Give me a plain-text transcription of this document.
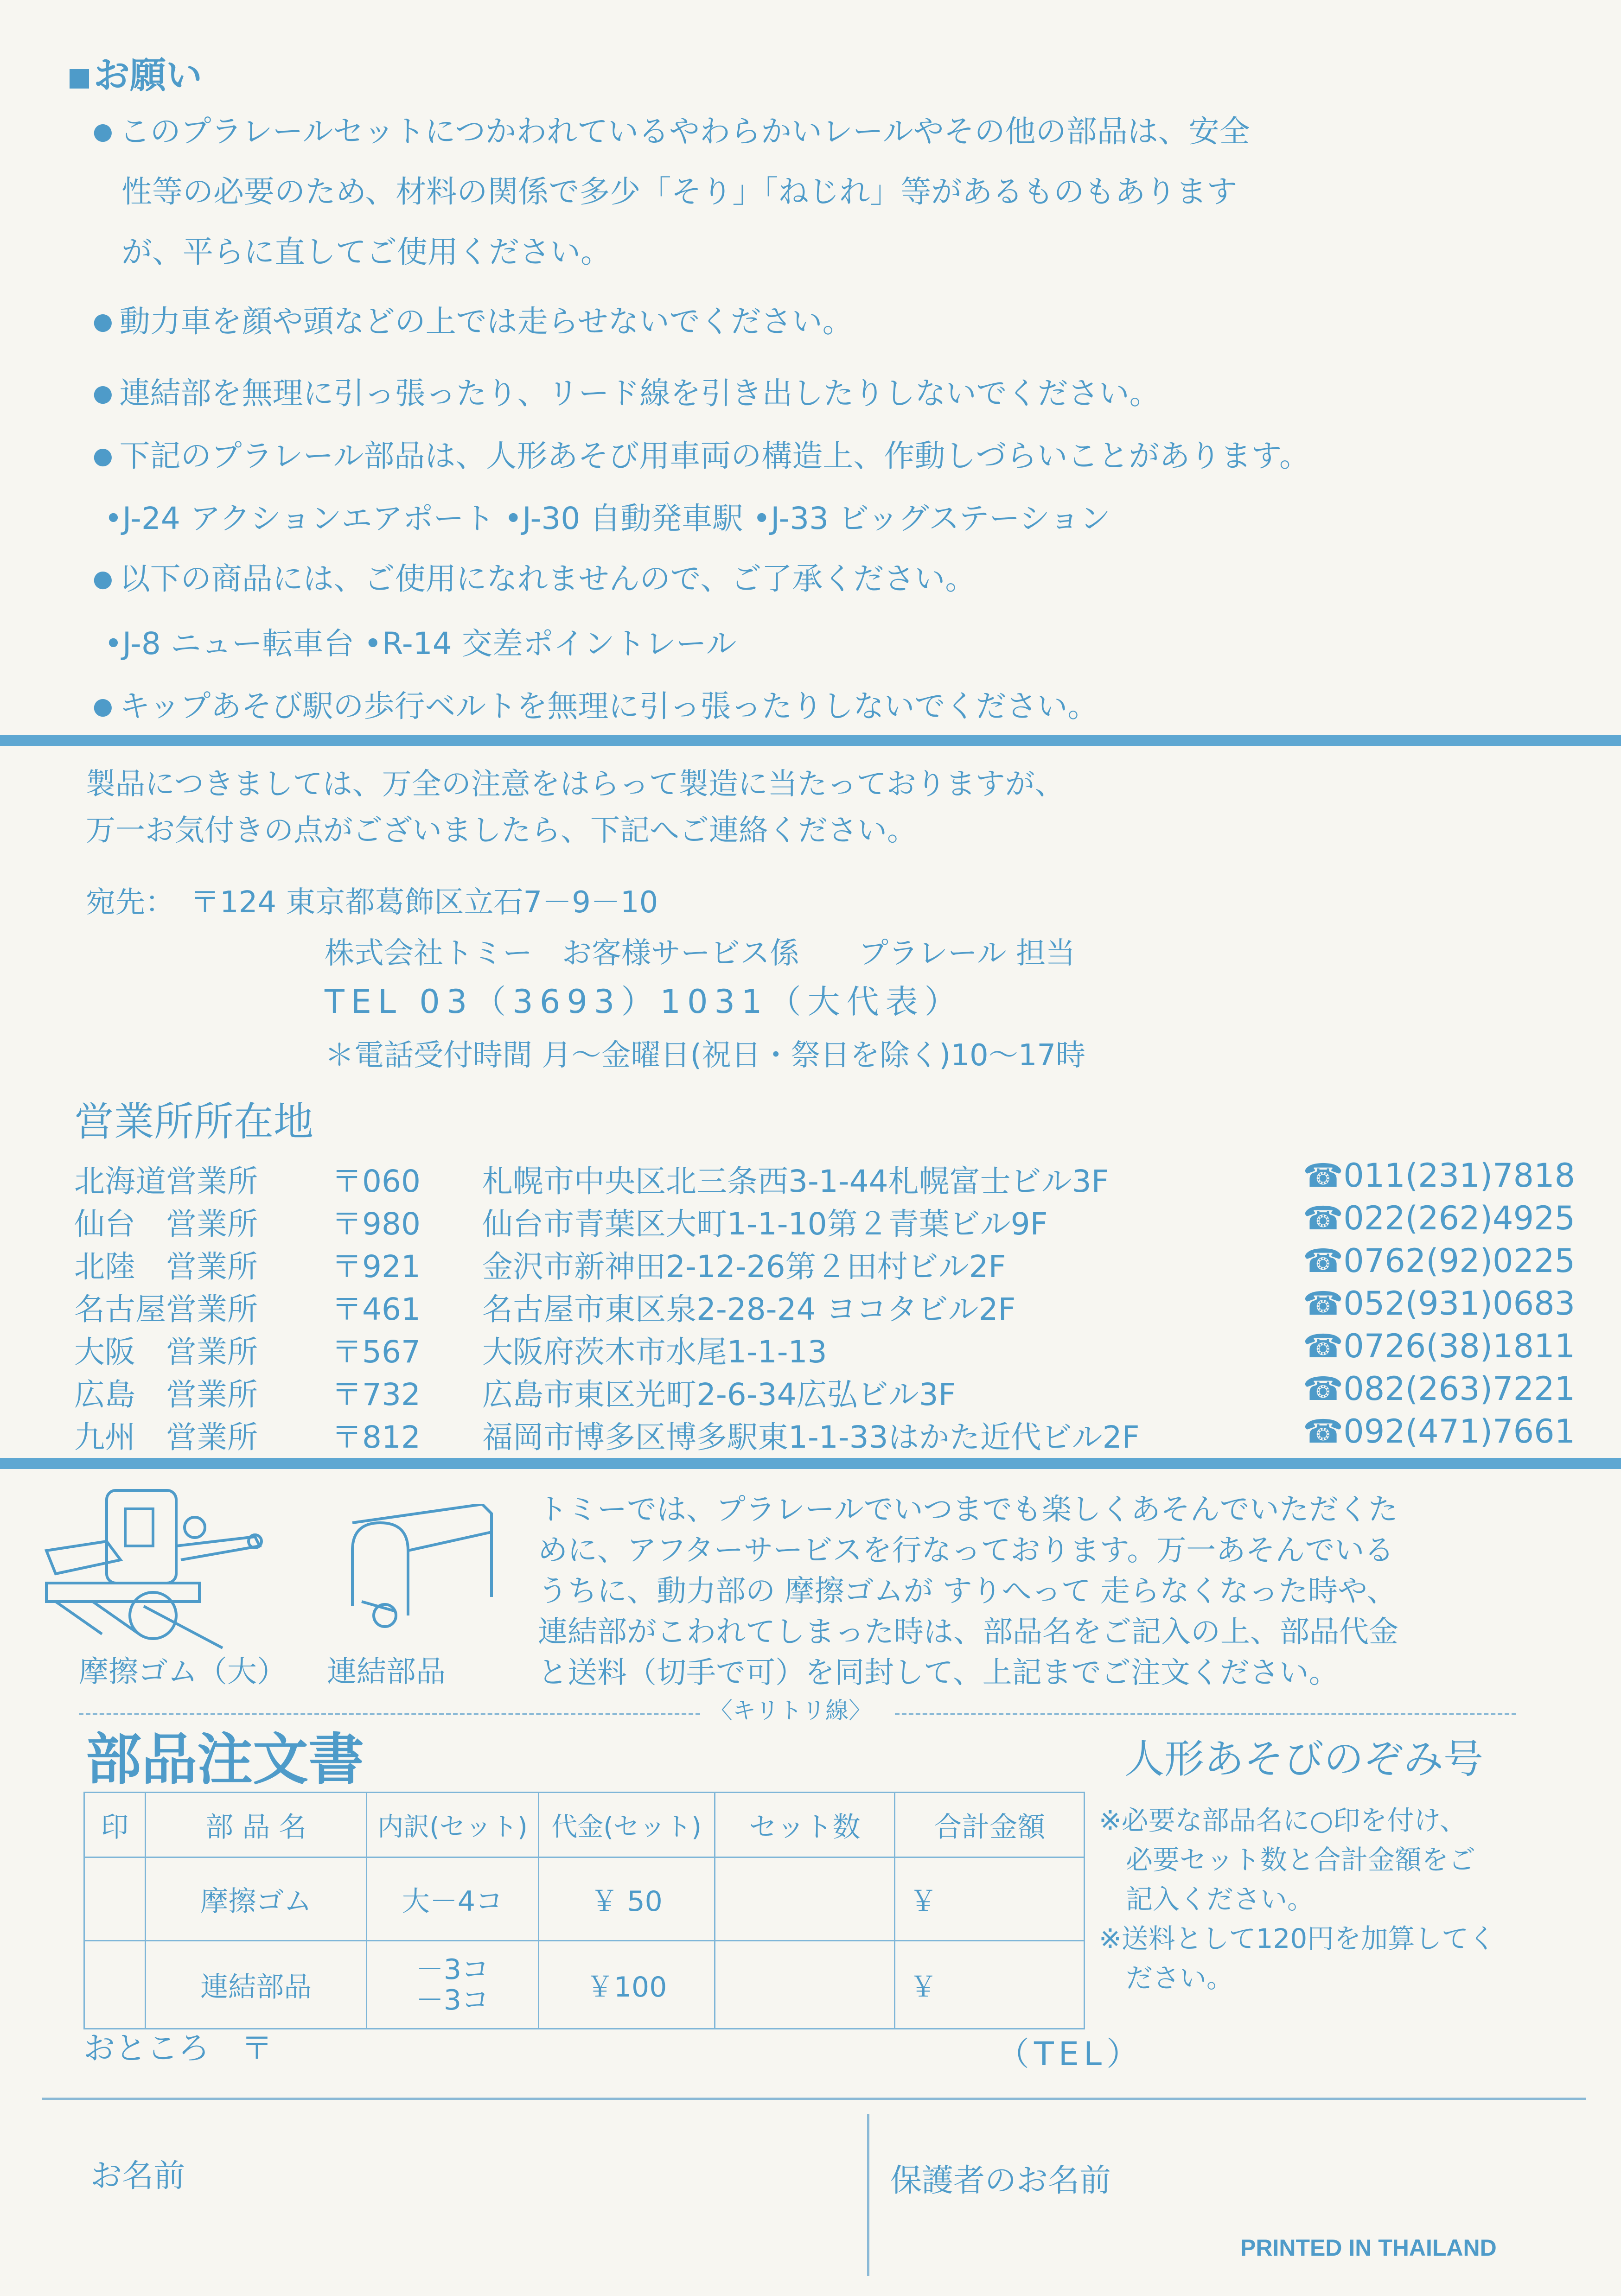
お願い
● このプラレールセットにつかわれているやわらかいレールやその他の部品は、安全
性等の必要のため、材料の関係で多少「そり」「ねじれ」等があるものもあります
が、平らに直してご使用ください。
● 動力車を顔や頭などの上では走らせないでください。
● 連結部を無理に引っ張ったり、リード線を引き出したりしないでください。
● 下記のプラレール部品は、人形あそび用車両の構造上、作動しづらいことがあります。
•J-24 アクションエアポート •J-30 自動発車駅 •J-33 ビッグステーション
● 以下の商品には、ご使用になれませんので、ご了承ください。
•J-8 ニュー転車台 •R-14 交差ポイントレール
● キップあそび駅の歩行ベルトを無理に引っ張ったりしないでください。
製品につきましては、万全の注意をはらって製造に当たっておりますが、
万一お気付きの点がございましたら、下記へご連絡ください。
宛先： 〒124 東京都葛飾区立石7－9－10
株式会社トミー　お客様サービス係　　プラレール 担当
TEL 03（3693）1031（大代表）
＊電話受付時間 月～金曜日(祝日・祭日を除く)10～17時
営業所所在地
北海道営業所 〒060 札幌市中央区北三条西3-1-44札幌富士ビル3F	☎011(231)7818
仙台　営業所 〒980 仙台市青葉区大町1-1-10第２青葉ビル9F	☎022(262)4925
北陸　営業所 〒921 金沢市新神田2-12-26第２田村ビル2F	☎0762(92)0225
名古屋営業所 〒461 名古屋市東区泉2-28-24 ヨコタビル2F	☎052(931)0683
大阪　営業所 〒567 大阪府茨木市水尾1-1-13	☎0726(38)1811
広島　営業所 〒732 広島市東区光町2-6-34広弘ビル3F	☎082(263)7221
九州　営業所 〒812 福岡市博多区博多駅東1-1-33はかた近代ビル2F	☎092(471)7661
摩擦ゴム（大） 連結部品
トミーでは、プラレールでいつまでも楽しくあそんでいただくた
めに、アフターサービスを行なっております。万一あそんでいる
うちに、動力部の 摩擦ゴムが すりへって 走らなくなった時や、
連結部がこわれてしまった時は、部品名をご記入の上、部品代金
と送料（切手で可）を同封して、上記までご注文ください。
〈キリトリ線〉
部品注文書	人形あそびのぞみ号
印	部 品 名	内訳(セット)	代金(セット)	セット数	合計金額
	摩擦ゴム	大－4コ	￥ 50		￥
	連結部品	－3コ
－3コ	￥100		￥
※必要な部品名に○印を付け、
　必要セット数と合計金額をご
　記入ください。
※送料として120円を加算してく
　ださい。
おところ　〒	（TEL）
お名前	保護者のお名前
PRINTED IN THAILAND
